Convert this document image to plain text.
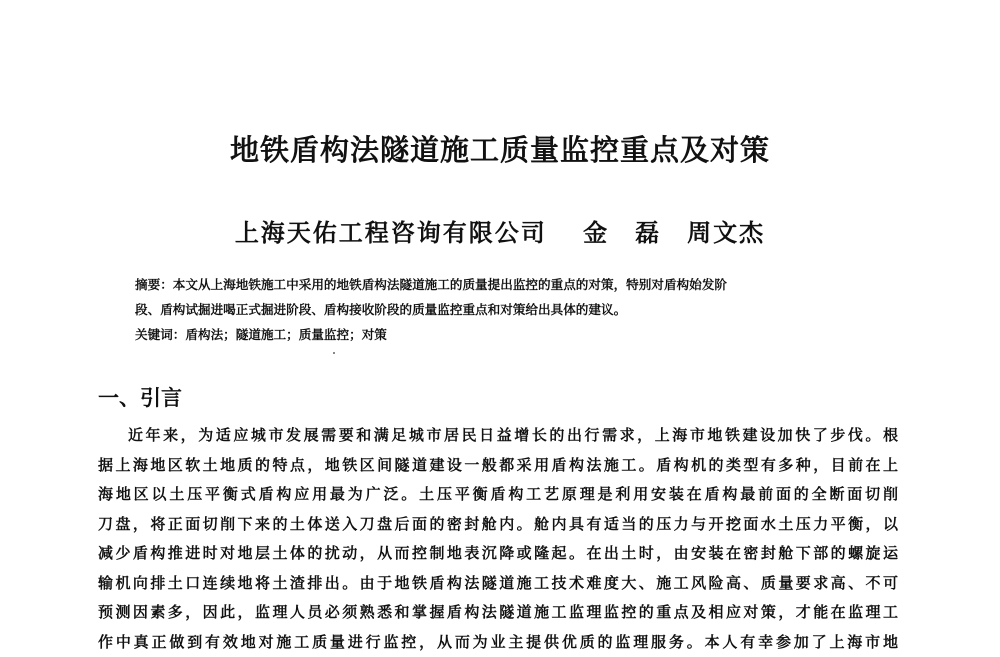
地铁盾构法隧道施工质量监控重点及对策
上海天佑工程咨询有限公司　 金　磊　周文杰
摘要：本文从上海地铁施工中采用的地铁盾构法隧道施工的质量提出监控的重点的对策，特别对盾构始发阶
段、盾构试掘进喝正式掘进阶段、盾构接收阶段的质量监控重点和对策给出具体的建议。
关键词：盾构法；隧道施工；质量监控；对策
一、引言
近年来，为适应城市发展需要和满足城市居民日益增长的出行需求，上海市地铁建设加快了步伐。根
据上海地区软土地质的特点，地铁区间隧道建设一般都采用盾构法施工。盾构机的类型有多种，目前在上
海地区以土压平衡式盾构应用最为广泛。土压平衡盾构工艺原理是利用安装在盾构最前面的全断面切削
刀盘，将正面切削下来的土体送入刀盘后面的密封舱内。舱内具有适当的压力与开挖面水土压力平衡，以
减少盾构推进时对地层土体的扰动，从而控制地表沉降或隆起。在出土时，由安装在密封舱下部的螺旋运
输机向排土口连续地将土渣排出。由于地铁盾构法隧道施工技术难度大、施工风险高、质量要求高、不可
预测因素多，因此，监理人员必须熟悉和掌握盾构法隧道施工监理监控的重点及相应对策，才能在监理工
作中真正做到有效地对施工质量进行监控，从而为业主提供优质的监理服务。本人有幸参加了上海市地
